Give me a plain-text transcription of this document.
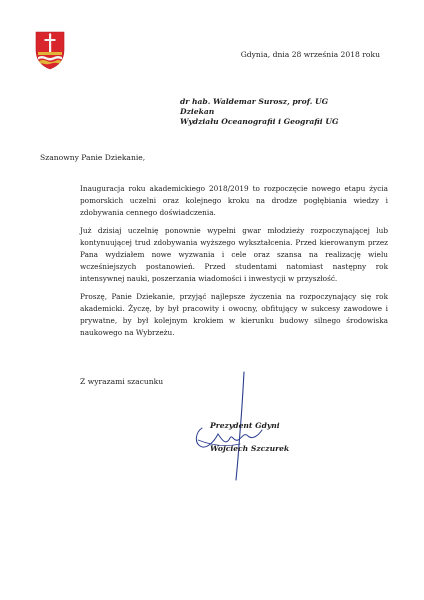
Gdynia, dnia 28 września 2018 roku
dr hab. Waldemar Surosz, prof. UG
Dziekan
Wydziału Oceanografii i Geografii UG
Szanowny Panie Dziekanie,

Inauguracja roku akademickiego 2018/2019 to rozpoczęcie nowego etapu życia pomorskich uczelni oraz kolejnego kroku na drodze pogłębiania wiedzy i zdobywania cennego doświadczenia.

Już dzisiaj uczelnię ponownie wypełni gwar młodzieży rozpoczynającej lub kontynuującej trud zdobywania wyższego wykształcenia. Przed kierowanym przez Pana wydziałem nowe wyzwania i cele oraz szansa na realizację wielu wcześniejszych postanowień. Przed studentami natomiast następny rok intensywnej nauki, poszerzania wiadomości i inwestycji w przyszłość.

Proszę, Panie Dziekanie, przyjąć najlepsze życzenia na rozpoczynający się rok akademicki. Życzę, by był pracowity i owocny, obfitujący w sukcesy zawodowe i prywatne, by był kolejnym krokiem w kierunku budowy silnego środowiska naukowego na Wybrzeżu.

Z wyrazami szacunku
Prezydent Gdyni
Wojciech Szczurek
